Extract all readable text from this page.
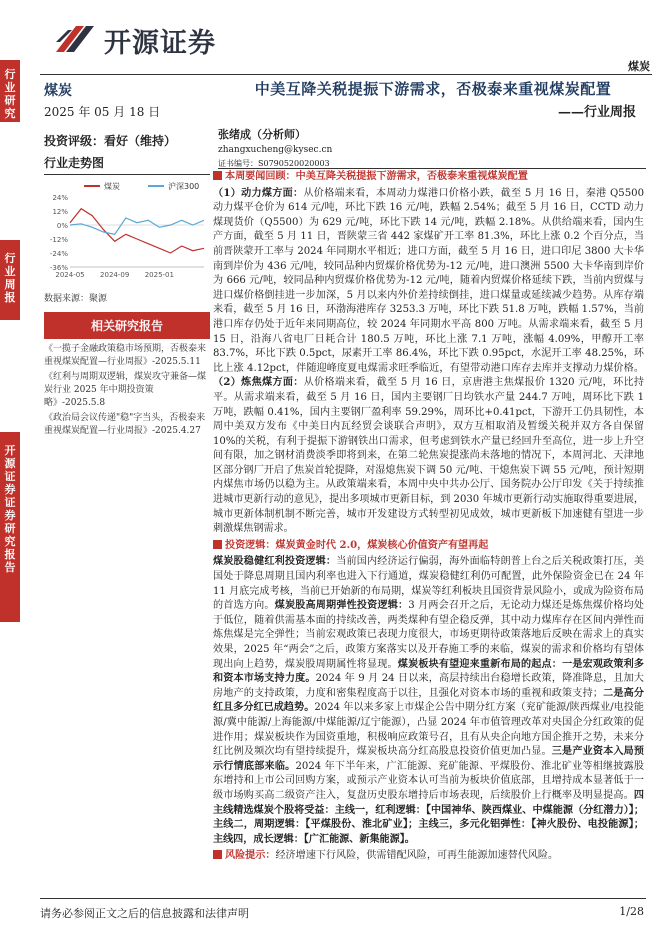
开源证券
煤炭
行业研究
行业周报
开源证券证券研究报告
煤炭
2025 年 05 月 18 日
投资评级：看好（维持）
行业走势图
煤炭	沪深300
24%
12%
0%
-12%
-24%
-36%
2024-05 2024-09 2025-01
数据来源：聚源
相关研究报告

《一揽子金融政策稳市场预期，否极泰来重视煤炭配置—行业周报》-2025.5.11

《红利与周期双逻辑，煤炭攻守兼备—煤炭行业 2025 年中期投资策略》-2025.5.8

《政治局会议传递"稳"字当头，否极泰来重视煤炭配置—行业周报》-2025.4.27

中美互降关税提振下游需求，否极泰来重视煤炭配置
——行业周报
张绪成（分析师）
zhangxucheng@kysec.cn
证书编号：S0790520020003

本周要闻回顾：中美互降关税提振下游需求，否极泰来重视煤炭配置

（1）动力煤方面：从价格端来看，本周动力煤港口价格小跌，截至 5 月 16 日，秦港 Q5500 动力煤平仓价为 614 元/吨，环比下跌 16 元/吨，跌幅 2.54%；截至 5 月 16 日，CCTD 动力煤现货价（Q5500）为 629 元/吨，环比下跌 14 元/吨，跌幅 2.18%。从供给端来看，国内生产方面，截至 5 月 11 日，晋陕蒙三省 442 家煤矿开工率 81.3%，环比上涨 0.2 个百分点，当前晋陕蒙开工率与 2024 年同期水平相近；进口方面，截至 5 月 16 日，进口印尼 3800 大卡华南到岸价为 436 元/吨，较同品种内贸煤价格优势为-12 元/吨，进口澳洲 5500 大卡华南到岸价为 666 元/吨，较同品种内贸煤价格优势为-12 元/吨，随着内贸煤价格延续下跌，当前内贸煤与进口煤价格倒挂进一步加深，5 月以来内外价差持续倒挂，进口煤量或延续减少趋势。从库存端来看，截至 5 月 16 日，环渤海港库存 3253.3 万吨，环比下跌 51.8 万吨，跌幅 1.57%，当前港口库存仍处于近年来同期高位，较 2024 年同期水平高 800 万吨。从需求端来看，截至 5 月 15 日，沿海八省电厂日耗合计 180.5 万吨，环比上涨 7.1 万吨，涨幅 4.09%，甲醇开工率 83.7%，环比下跌 0.5pct，尿素开工率 86.4%，环比下跌 0.95pct，水泥开工率 48.25%，环比上涨 4.12pct，伴随迎峰度夏电煤需求旺季临近，有望带动港口库存去库并支撑动力煤价格。（2）炼焦煤方面：从价格端来看，截至 5 月 16 日，京唐港主焦煤报价 1320 元/吨，环比持平。从需求端来看，截至 5 月 16 日，国内主要钢厂日均铁水产量 244.7 万吨，周环比下跌 1 万吨，跌幅 0.41%，国内主要钢厂盈利率 59.29%，周环比+0.41pct，下游开工仍具韧性，本周中美双方发布《中美日内瓦经贸会谈联合声明》，双方互相取消及暂缓关税并双方各自保留 10%的关税，有利于提振下游钢铁出口需求，但考虑到铁水产量已经回升至高位，进一步上升空间有限，加之钢材消费淡季即将到来，在第二轮焦炭提涨尚未落地的情况下，本周河北、天津地区部分钢厂开启了焦炭首轮提降，对湿熄焦炭下调 50 元/吨、干熄焦炭下调 55 元/吨，预计短期内煤焦市场仍以稳为主。从政策端来看，本周中央中共办公厅、国务院办公厅印发《关于持续推进城市更新行动的意见》，提出多项城市更新目标，到 2030 年城市更新行动实施取得重要进展，城市更新体制机制不断完善，城市开发建设方式转型初见成效，城市更新板下加速健有望进一步刺激煤焦钢需求。

投资逻辑：煤炭黄金时代 2.0，煤炭核心价值资产有望再起

煤炭股稳健红利投资逻辑：当前国内经济运行偏弱，海外面临特朗普上台之后关税政策打压，美国处于降息周期且国内利率也进入下行通道，煤炭稳健红利仍可配置，此外保险资金已在 24 年 11 月底完成考核，当前已开始新的布局期，煤炭等红利板块且国资背景风险小，或成为险资布局的首选方向。煤炭股高周期弹性投资逻辑：3 月两会召开之后，无论动力煤还是炼焦煤价格均处于低位，随着供需基本面的持续改善，两类煤种有望企稳反弹，其中动力煤库存在区间内弹性而炼焦煤是完全弹性；当前宏观政策已表现力度很大，市场更期待政策落地后反映在需求上的真实效果，2025 年“两会”之后，政策方案落实以及开春施工季的来临，煤炭的需求和价格均有望体现出向上趋势，煤炭股周期属性将显现。煤炭板块有望迎来重新布局的起点：一是宏观政策利多和资本市场支持力度。2024 年 9 月 24 日以来，高层持续出台稳增长政策，降准降息，且加大房地产的支持政策，力度和密集程度高于以往，且强化对资本市场的重视和政策支持；二是高分红且多分红已成趋势。2024 年以来多家上市煤企公告中期分红方案（兖矿能源/陕西煤业/电投能源/冀中能源/上海能源/中煤能源/辽宁能源），凸显 2024 年市值管理改革对央国企分红政策的促进作用；煤炭板块作为国资重地，积极响应政策号召，且有从央企向地方国企推开之势，未来分红比例及频次均有望持续提升，煤炭板块高分红高股息投资价值更加凸显。三是产业资本入局预示行情底部来临。2024 年下半年来，广汇能源、兖矿能源、平煤股份、淮北矿业等相继披露股东增持和上市公司回购方案，或预示产业资本认可当前为板块价值底部，且增持成本显著低于一级市场购买高二级资产注入，复盘历史股东增持后市场表现，后续股价上行概率及明显提高。四主线精选煤炭个股将受益：主线一，红利逻辑：【中国神华、陕西煤业、中煤能源（分红潜力）】；主线二，周期逻辑：【平煤股份、淮北矿业】；主线三，多元化铝弹性：【神火股份、电投能源】；主线四，成长逻辑：【广汇能源、新集能源】。

风险提示：经济增速下行风险，供需错配风险，可再生能源加速替代风险。

请务必参阅正文之后的信息披露和法律声明	1/28
